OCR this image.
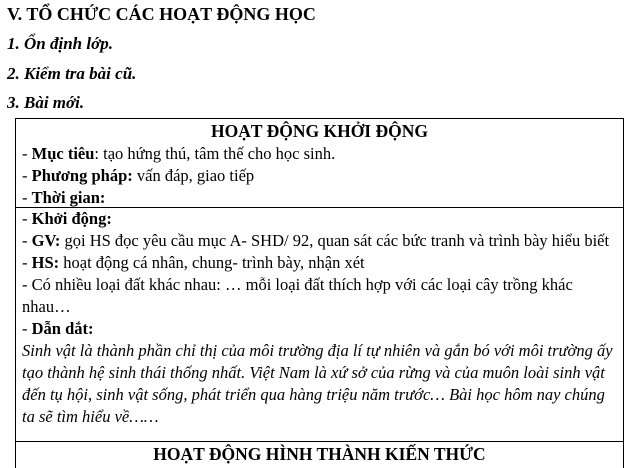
V. TỔ CHỨC CÁC HOẠT ĐỘNG HỌC
1. Ổn định lớp.
2. Kiểm tra bài cũ.
3. Bài mới.
HOẠT ĐỘNG KHỞI ĐỘNG
- Mục tiêu: tạo hứng thú, tâm thế cho học sinh.
- Phương pháp: vấn đáp, giao tiếp
- Thời gian:
- Khởi động:
- GV: gọi HS đọc yêu cầu mục A- SHD/ 92, quan sát các bức tranh và trình bày hiểu biết
- HS: hoạt động cá nhân, chung- trình bày, nhận xét
- Có nhiều loại đất khác nhau: … mỗi loại đất thích hợp với các loại cây trồng khác nhau…
- Dẫn dắt:
Sinh vật là thành phần chỉ thị của môi trường địa lí tự nhiên và gắn bó với môi trường ấy tạo thành hệ sinh thái thống nhất. Việt Nam là xứ sở của rừng và của muôn loài sinh vật đến tụ hội, sinh vật sống, phát triển qua hàng triệu năm trước… Bài học hôm nay chúng ta sẽ tìm hiểu về……
HOẠT ĐỘNG HÌNH THÀNH KIẾN THỨC
